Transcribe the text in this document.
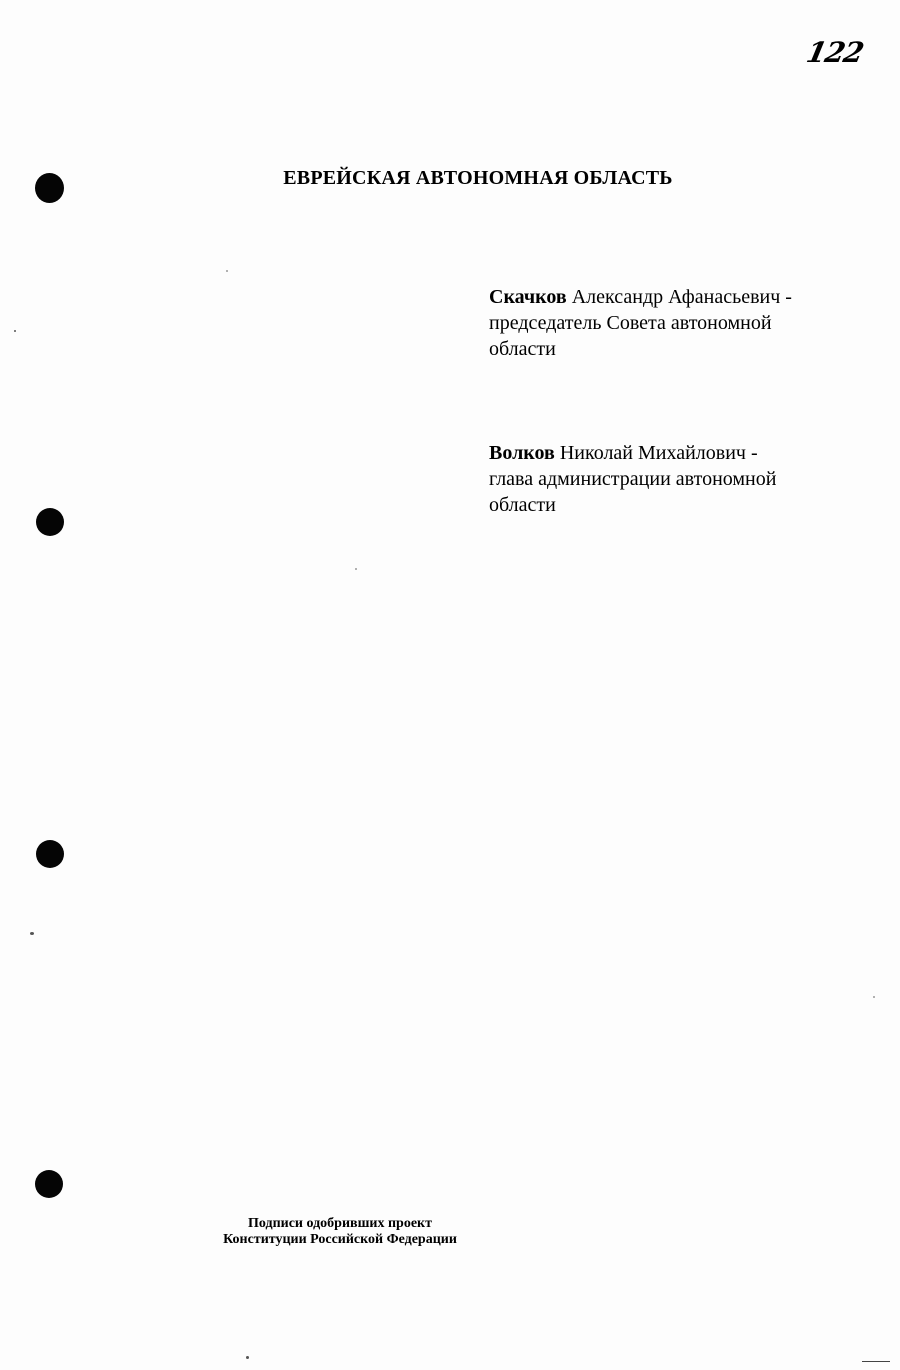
122
ЕВРЕЙСКАЯ АВТОНОМНАЯ ОБЛАСТЬ
Скачков Александр Афанасьевич -
председатель Совета автономной
области
Волков Николай Михайлович -
глава администрации автономной
области
Подписи одобривших проект
Конституции Российской Федерации
